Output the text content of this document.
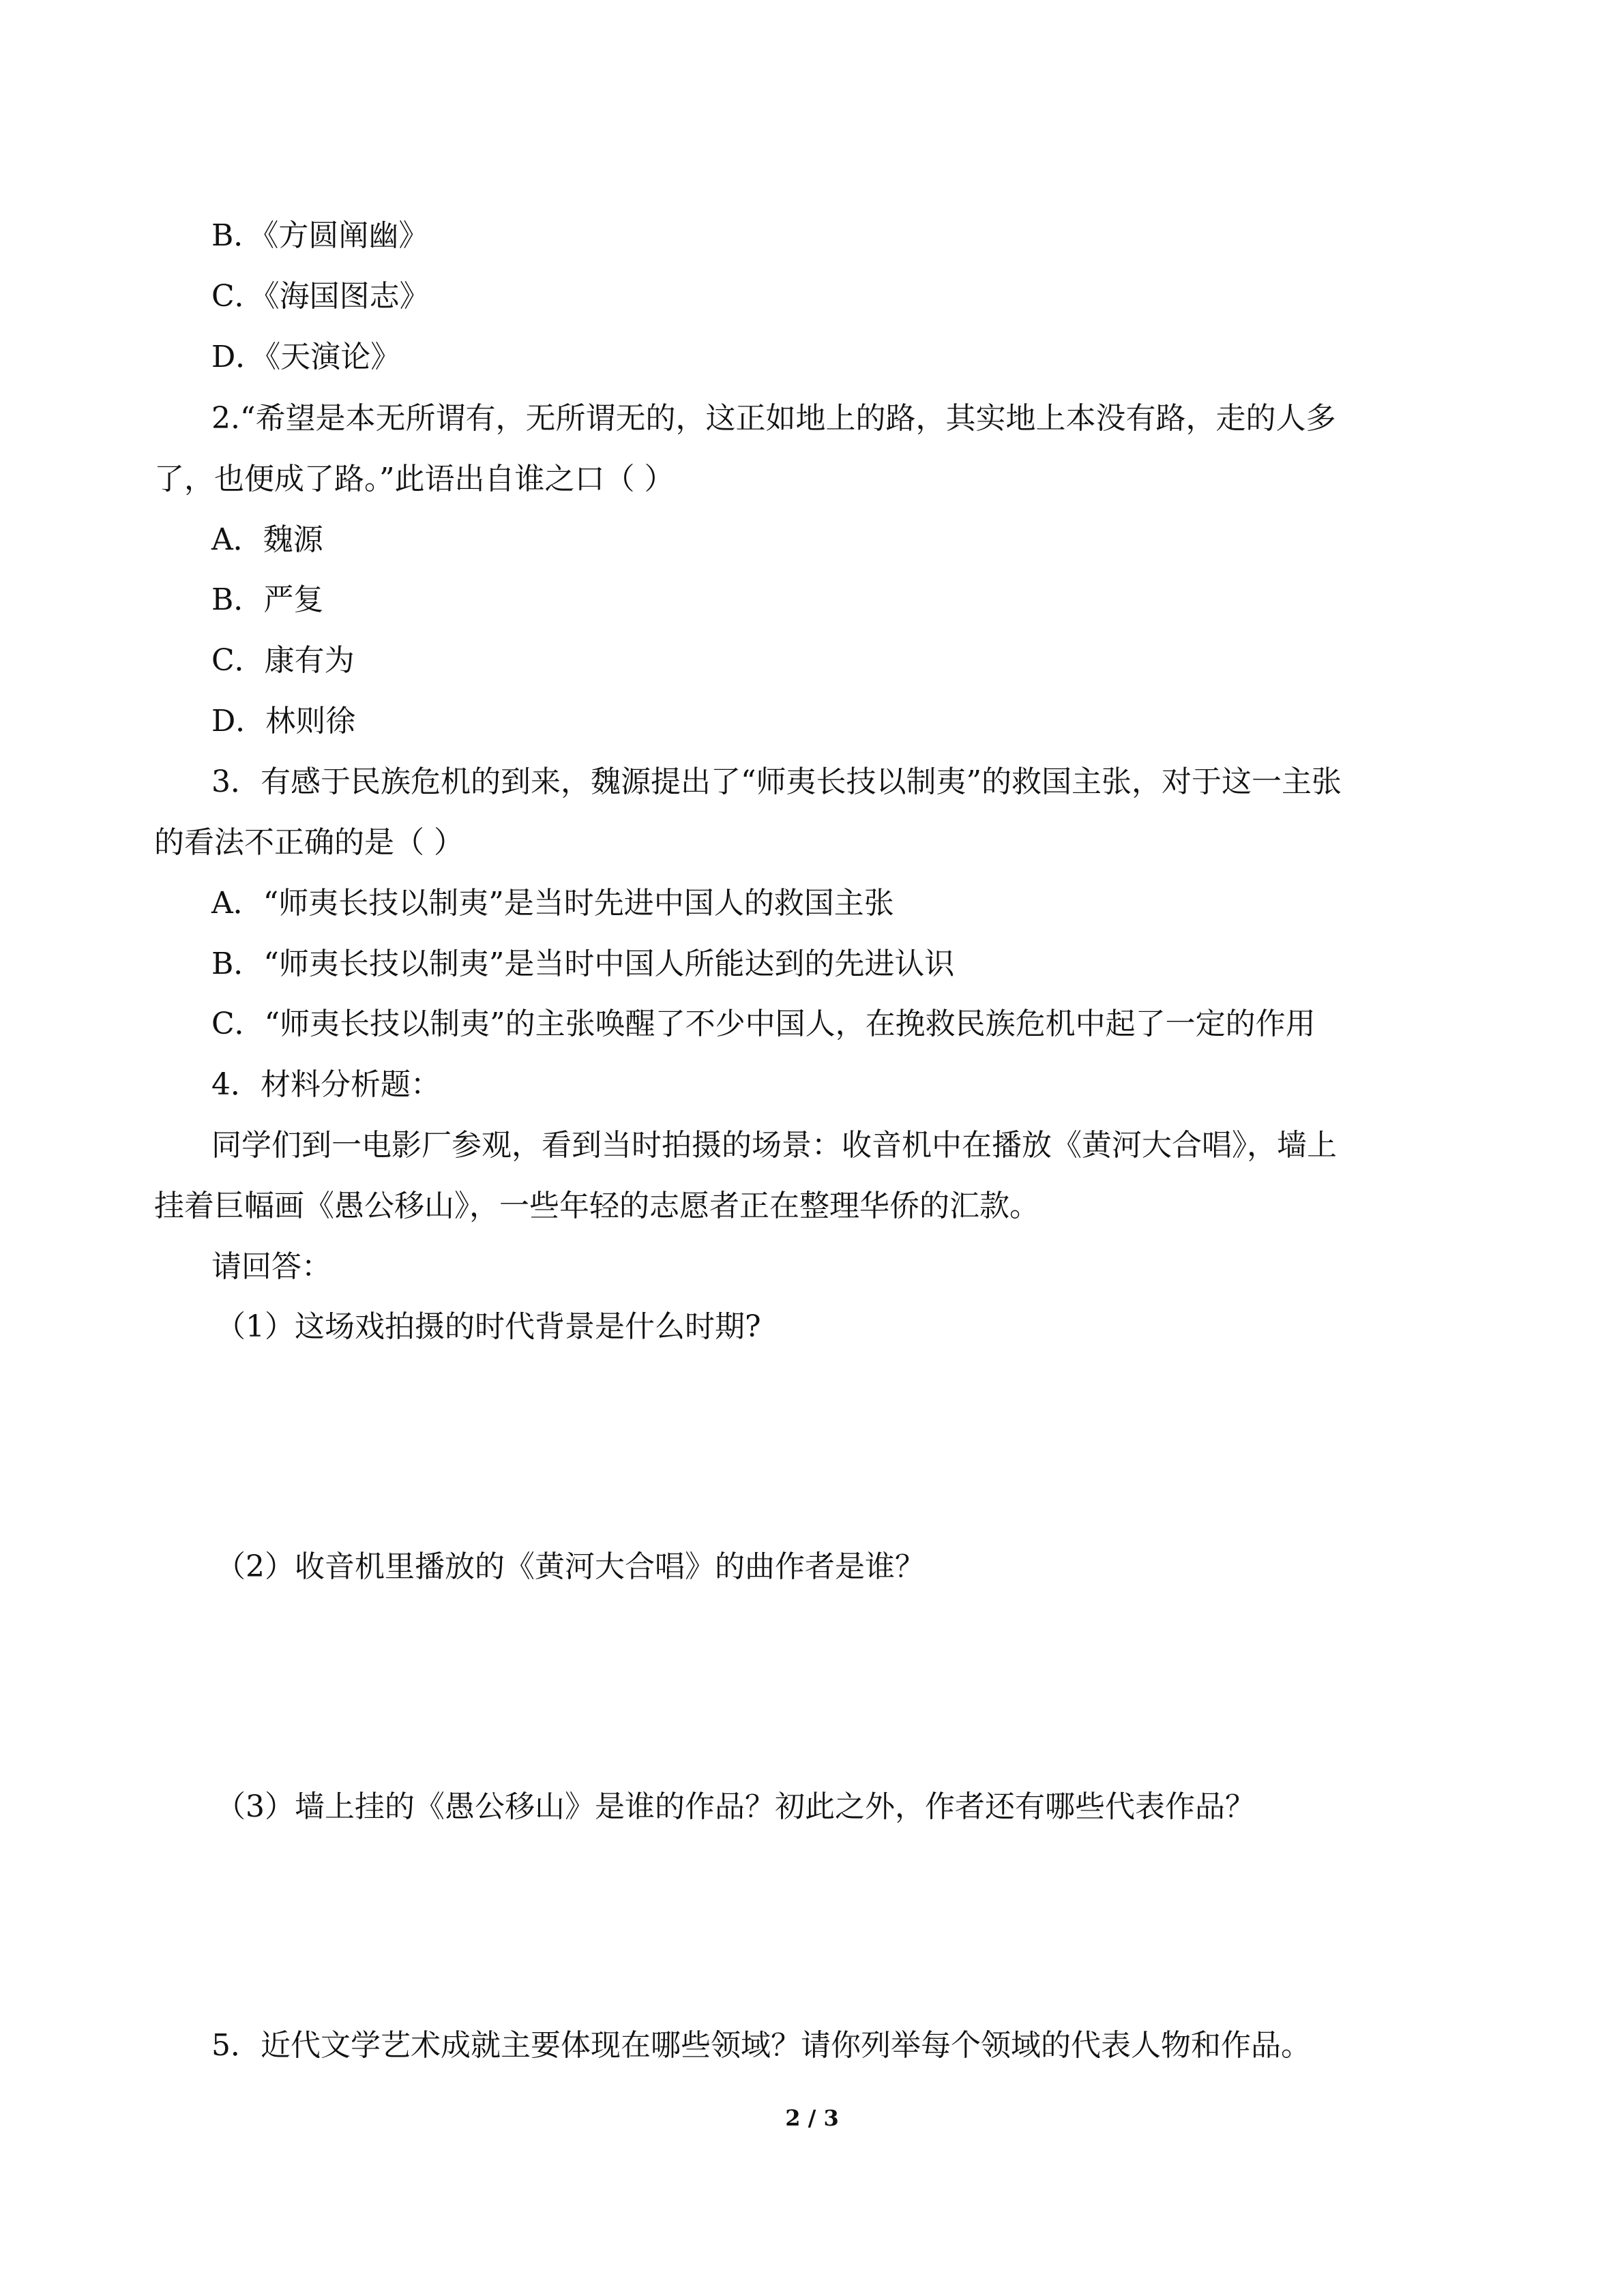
B．《方圆阐幽》
C．《海国图志》
D．《天演论》
2.“希望是本无所谓有，无所谓无的，这正如地上的路，其实地上本没有路，走的人多
了，也便成了路。”此语出自谁之口（ ）
A．魏源
B．严复
C．康有为
D．林则徐
3．有感于民族危机的到来，魏源提出了“师夷长技以制夷”的救国主张，对于这一主张
的看法不正确的是（ ）
A．“师夷长技以制夷”是当时先进中国人的救国主张
B．“师夷长技以制夷”是当时中国人所能达到的先进认识
C．“师夷长技以制夷”的主张唤醒了不少中国人，在挽救民族危机中起了一定的作用
4．材料分析题：
同学们到一电影厂参观，看到当时拍摄的场景：收音机中在播放《黄河大合唱》，墙上
挂着巨幅画《愚公移山》，一些年轻的志愿者正在整理华侨的汇款。
请回答：
（1）这场戏拍摄的时代背景是什么时期?
（2）收音机里播放的《黄河大合唱》的曲作者是谁？
（3）墙上挂的《愚公移山》是谁的作品？初此之外，作者还有哪些代表作品？
5．近代文学艺术成就主要体现在哪些领域？请你列举每个领域的代表人物和作品。
2 / 3
